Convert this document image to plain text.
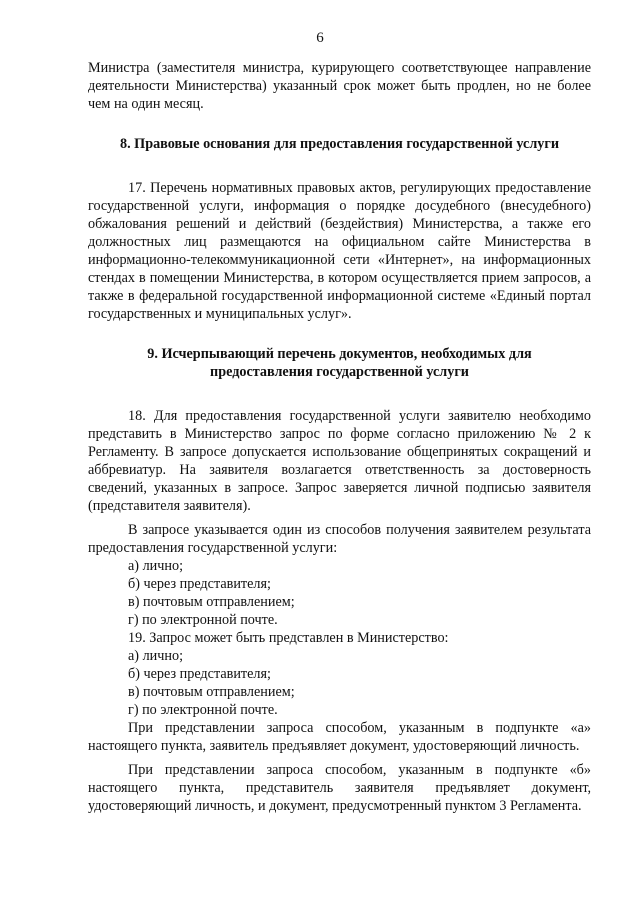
6

Министра (заместителя министра, курирующего соответствующее направление деятельности Министерства) указанный срок может быть продлен, но не более чем на один месяц.

8. Правовые основания для предоставления государственной услуги

17. Перечень нормативных правовых актов, регулирующих предоставление государственной услуги, информация о порядке досудебного (внесудебного) обжалования решений и действий (бездействия) Министерства, а также его должностных лиц размещаются на официальном сайте Министерства в информационно-телекоммуникационной сети «Интернет», на информационных стендах в помещении Министерства, в котором осуществляется прием запросов, а также в федеральной государственной информационной системе «Единый портал государственных и муниципальных услуг».

9. Исчерпывающий перечень документов, необходимых для предоставления государственной услуги

18. Для предоставления государственной услуги заявителю необходимо представить в Министерство запрос по форме согласно приложению № 2 к Регламенту. В запросе допускается использование общепринятых сокращений и аббревиатур. На заявителя возлагается ответственность за достоверность сведений, указанных в запросе. Запрос заверяется личной подписью заявителя (представителя заявителя).

В запросе указывается один из способов получения заявителем результата предоставления государственной услуги:

а) лично;

б) через представителя;

в) почтовым отправлением;

г) по электронной почте.

19. Запрос может быть представлен в Министерство:

а) лично;

б) через представителя;

в) почтовым отправлением;

г) по электронной почте.

При представлении запроса способом, указанным в подпункте «а» настоящего пункта, заявитель предъявляет документ, удостоверяющий личность.

При представлении запроса способом, указанным в подпункте «б» настоящего пункта, представитель заявителя предъявляет документ, удостоверяющий личность, и документ, предусмотренный пунктом 3 Регламента.
